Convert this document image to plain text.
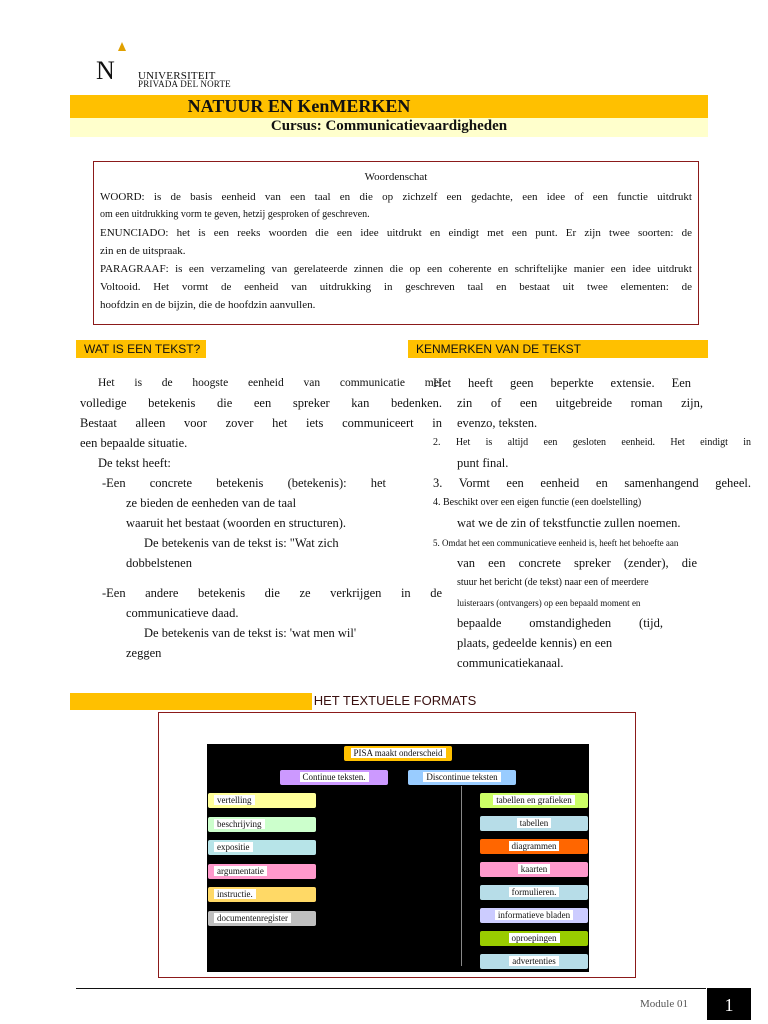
N UNIVERSITEIT
PRIVADA DEL NORTE
NATUUR EN KenMERKEN
Cursus: Communicatievaardigheden
Woordenschat

WOORD: is de basis eenheid van een taal en die op zichzelf een gedachte, een idee of een functie uitdrukt

om een uitdrukking vorm te geven, hetzij gesproken of geschreven.

ENUNCIADO: het is een reeks woorden die een idee uitdrukt en eindigt met een punt. Er zijn twee soorten: de

zin en de uitspraak.

PARAGRAAF: is een verzameling van gerelateerde zinnen die op een coherente en schriftelijke manier een idee uitdrukt

Voltooid. Het vormt de eenheid van uitdrukking in geschreven taal en bestaat uit twee elementen: de

hoofdzin en de bijzin, die de hoofdzin aanvullen.

WAT IS EEN TEKST?	KENMERKEN VAN DE TEKST

Het is de hoogste eenheid van communicatie met

volledige betekenis die een spreker kan bedenken.

Bestaat alleen voor zover het iets communiceert in

een bepaalde situatie.

De tekst heeft:

-Een concrete betekenis (betekenis): het

ze bieden de eenheden van de taal

waaruit het bestaat (woorden en structuren).

De betekenis van de tekst is: "Wat zich

dobbelstenen

-Een andere betekenis die ze verkrijgen in de

communicatieve daad.

De betekenis van de tekst is: 'wat men wil'

zeggen

Het heeft geen beperkte extensie. Een

zin of een uitgebreide roman zijn,

evenzo, teksten.

2. Het is altijd een gesloten eenheid. Het eindigt in

punt final.

3. Vormt een eenheid en samenhangend geheel.

4. Beschikt over een eigen functie (een doelstelling)

wat we de zin of tekstfunctie zullen noemen.

5. Omdat het een communicatieve eenheid is, heeft het behoefte aan

van een concrete spreker (zender), die

stuur het bericht (de tekst) naar een of meerdere

luisteraars (ontvangers) op een bepaald moment en

bepaalde omstandigheden (tijd,

plaats, gedeelde kennis) en een

communicatiekanaal.

HET TEXTUELE FORMATS
PISA maakt onderscheid
Continue teksten.	Discontinue teksten
vertelling
beschrijving
expositie
argumentatie
instructie.
documentenregister
tabellen en grafieken
tabellen
diagrammen
kaarten
formulieren.
informatieve bladen
oproepingen
advertenties
Module 01	1
